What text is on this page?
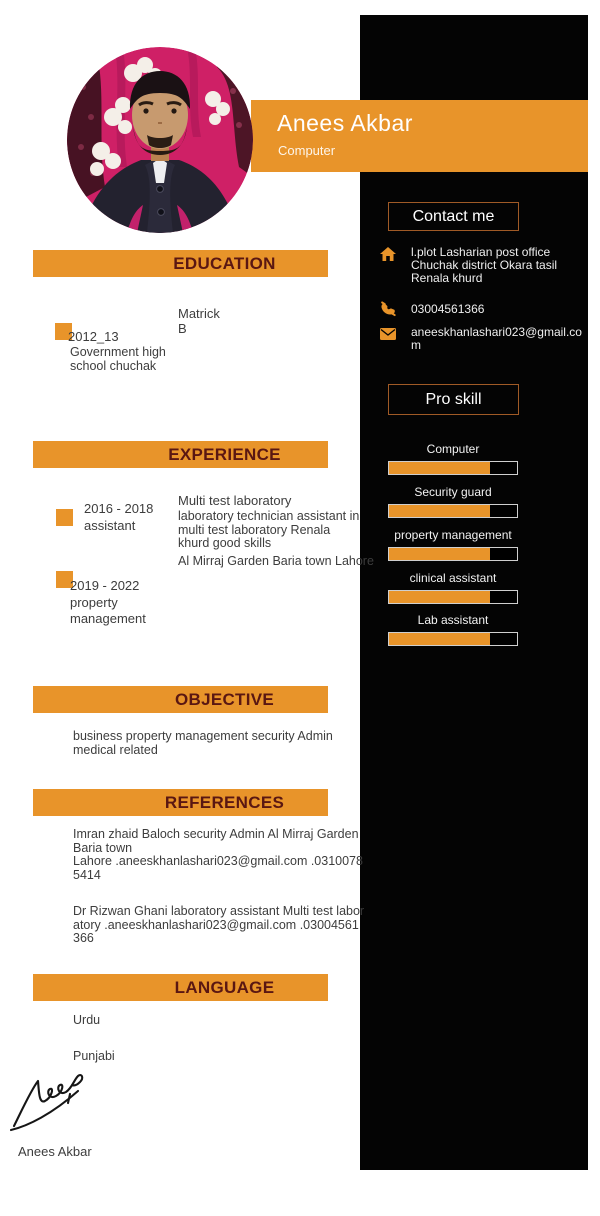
Anees Akbar
Computer
EDUCATION
2012_13
Government high school chuchak
Matrick
B
EXPERIENCE
2016 - 2018
assistant
Multi test laboratory
laboratory technician assistant in multi test laboratory Renala khurd good skills
Al Mirraj Garden Baria town Lahore
2019 - 2022
property management
OBJECTIVE
business property management security Admin medical related
REFERENCES
Imran zhaid Baloch security Admin Al Mirraj Garden Baria town
Lahore .aneeskhanlashari023@gmail.com .03100785414
Dr Rizwan Ghani laboratory assistant Multi test laboratory .aneeskhanlashari023@gmail.com .03004561366
LANGUAGE
Urdu
Punjabi
Anees Akbar
Contact me
l.plot Lasharian post office Chuchak district Okara tasil Renala khurd
03004561366
aneeskhanlashari023@gmail.com
Pro skill
Computer
Security guard
property management
clinical assistant
Lab assistant
